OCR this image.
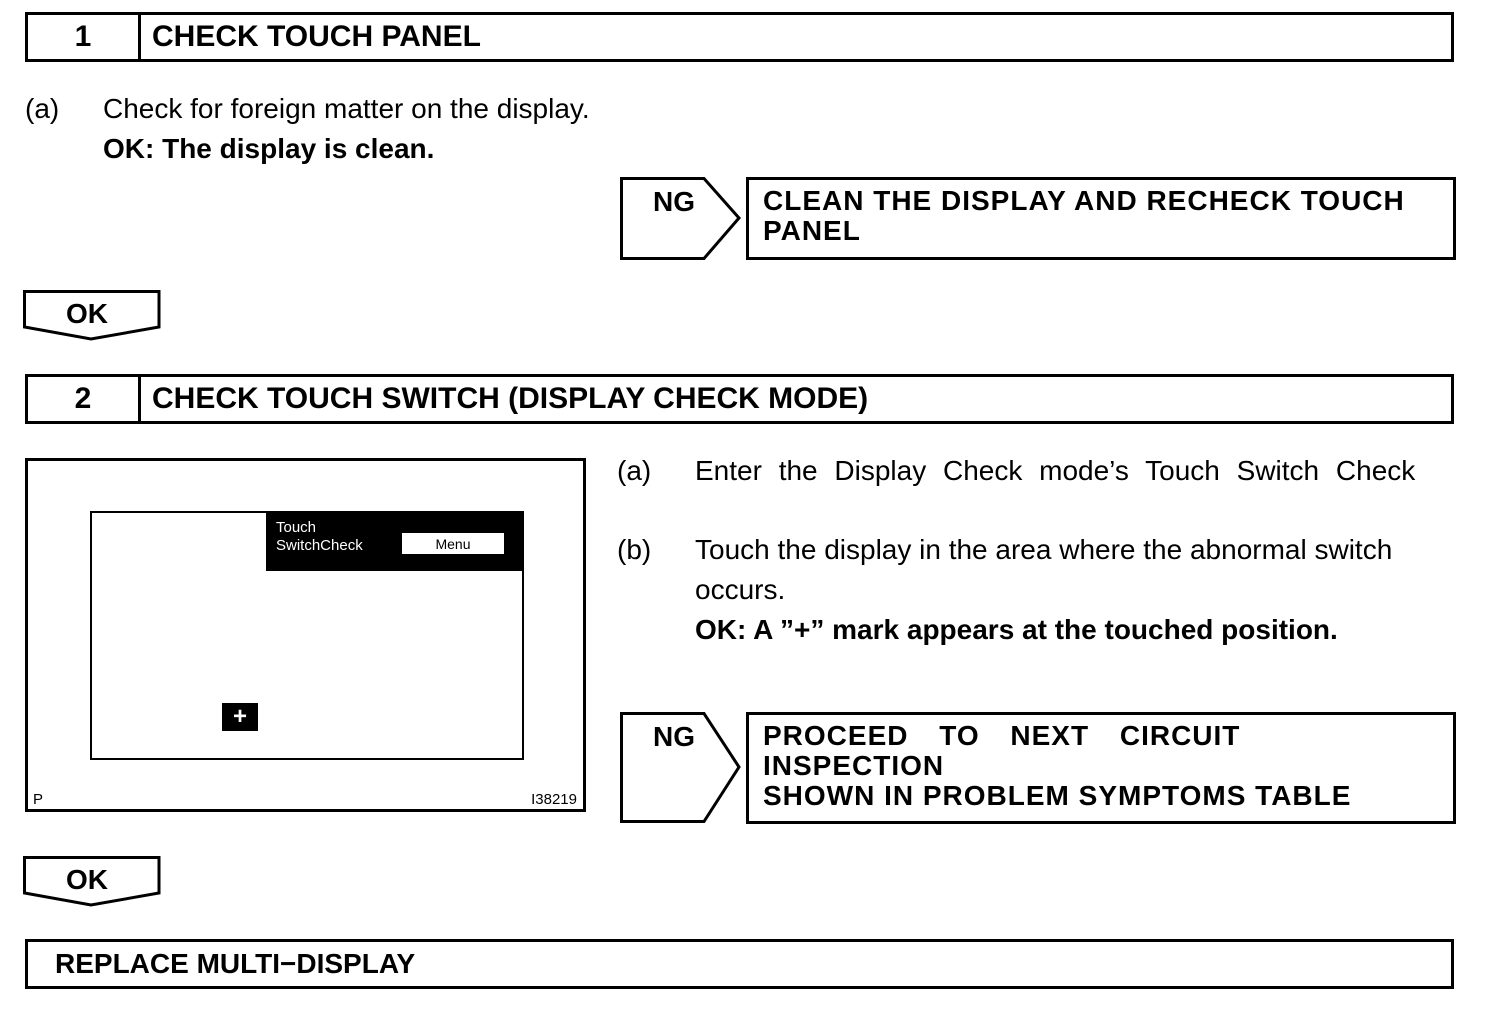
1	CHECK TOUCH PANEL
(a) Check for foreign matter on the display.
OK: The display is clean.
NG CLEAN THE DISPLAY AND RECHECK TOUCH
PANEL
OK
2	CHECK TOUCH SWITCH (DISPLAY CHECK MODE)
Touch
SwitchCheck	Menu
+
P	I38219
(a) Enter the Display Check mode’s Touch Switch Check
(b) Touch the display in the area where the abnormal switch
occurs.
OK: A ”+” mark appears at the touched position.
NG PROCEED TO NEXT CIRCUIT INSPECTION
SHOWN IN PROBLEM SYMPTOMS TABLE
OK
REPLACE MULTI−DISPLAY
